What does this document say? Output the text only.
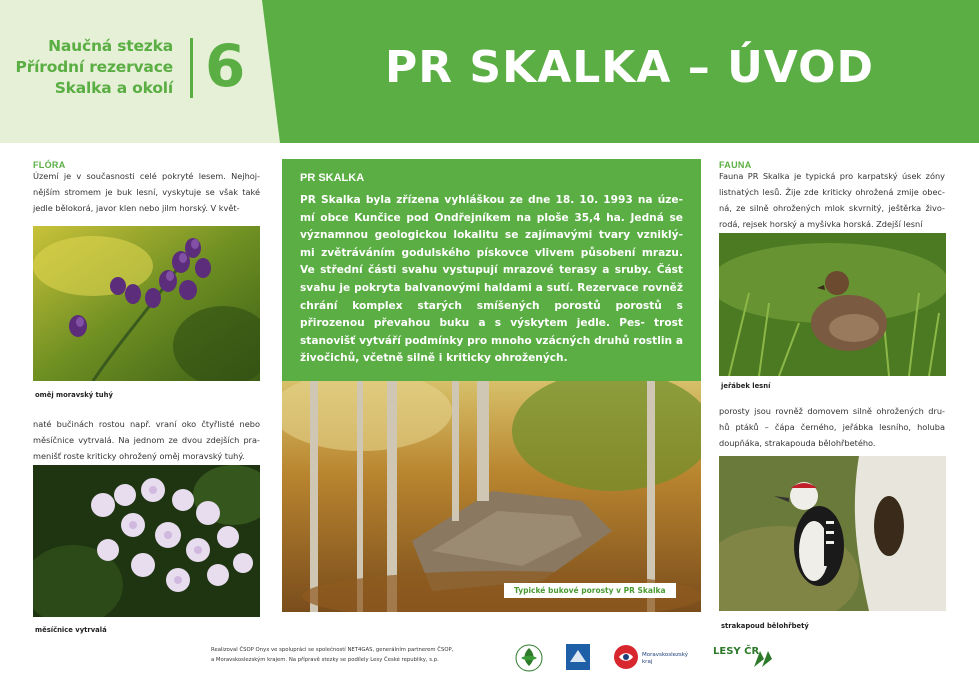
Naučná stezka
Přírodní rezervace
Skalka a okolí 6	PR SKALKA – ÚVOD
FLÓRA
Území je v současnosti celé pokryté lesem. Nejhoj- nějším stromem je buk lesní, vyskytuje se však také jedle bělokorá, javor klen nebo jilm horský. V květ-
oměj moravský tuhý
naté bučinách rostou např. vraní oko čtyřlisté nebo měsíčnice vytrvalá. Na jednom ze dvou zdejších pra- menišť roste kriticky ohrožený oměj moravský tuhý.
měsíčnice vytrvalá
PR SKALKA
PR Skalka byla zřízena vyhláškou ze dne 18. 10. 1993 na úze- mí obce Kunčice pod Ondřejníkem na ploše 35,4 ha. Jedná se významnou geologickou lokalitu se zajímavými tvary vzniklý- mi zvětráváním godulského pískovce vlivem působení mrazu. Ve střední části svahu vystupují mrazové terasy a sruby. Část svahu je pokryta balvanovými haldami a sutí. Rezervace rovněž chrání komplex starých smíšených porostů porostů s přirozenou převahou buku a s výskytem jedle. Pes- trost stanovišť vytváří podmínky pro mnoho vzácných druhů rostlin a živočichů, včetně silně i kriticky ohrožených.
Typické bukové porosty v PR Skalka
FAUNA
Fauna PR Skalka je typická pro karpatský úsek zóny listnatých lesů. Žije zde kriticky ohrožená zmije obec- ná, ze silně ohrožených mlok skvrnitý, ještěrka živo- rodá, rejsek horský a myšivka horská. Zdejší lesní
jeřábek lesní
porosty jsou rovněž domovem silně ohrožených dru- hů ptáků – čápa černého, jeřábka lesního, holuba doupňáka, strakapouda bělohřbetého.
strakapoud bělohřbetý
Realizoval ČSOP Onyx ve spolupráci se společností NET4GAS, generálním partnerem ČSOP,
a Moravskoslezským krajem. Na přípravě stezky se podílely Lesy České republiky, s.p.
Moravskoslezský
kraj
LESY ČR
